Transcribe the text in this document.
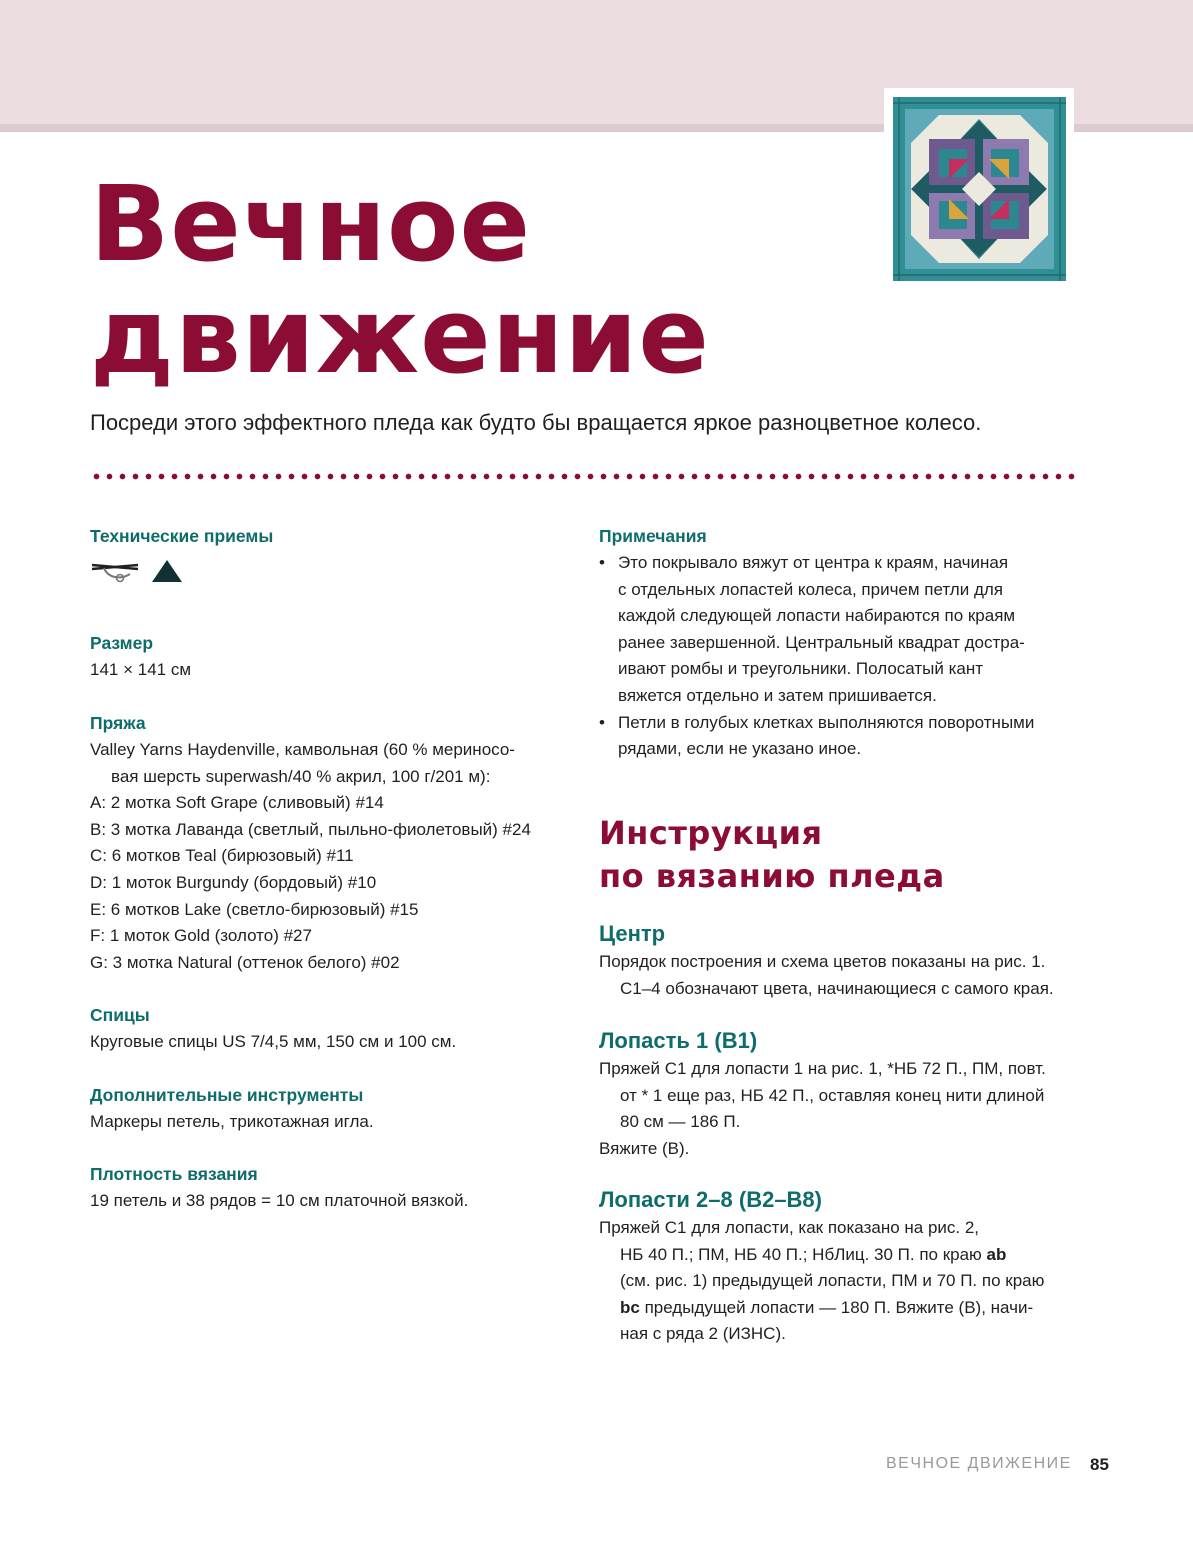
Вечное
движение

Посреди этого эффектного пледа как будто бы вращается яркое разноцветное колесо.

Технические приемы
Размер

141 × 141 см

Пряжа

Valley Yarns Haydenville, камвольная (60 % мериносо-

вая шерсть superwash/40 % акрил, 100 г/201 м):

A: 2 мотка Soft Grape (сливовый) #14

B: 3 мотка Лаванда (светлый, пыльно-фиолетовый) #24

C: 6 мотков Teal (бирюзовый) #11

D: 1 моток Burgundy (бордовый) #10

E: 6 мотков Lake (светло-бирюзовый) #15

F: 1 моток Gold (золото) #27

G: 3 мотка Natural (оттенок белого) #02

Спицы

Круговые спицы US 7/4,5 мм, 150 см и 100 см.

Дополнительные инструменты

Маркеры петель, трикотажная игла.

Плотность вязания

19 петель и 38 рядов = 10 см платочной вязкой.

Примечания

• Это покрывало вяжут от центра к краям, начиная

с отдельных лопастей колеса, причем петли для

каждой следующей лопасти набираются по краям

ранее завершенной. Центральный квадрат достра-

ивают ромбы и треугольники. Полосатый кант

вяжется отдельно и затем пришивается.

• Петли в голубых клетках выполняются поворотными

рядами, если не указано иное.

Инструкция
по вязанию пледа
Центр

Порядок построения и схема цветов показаны на рис. 1.

C1–4 обозначают цвета, начинающиеся с самого края.

Лопасть 1 (В1)

Пряжей C1 для лопасти 1 на рис. 1, *НБ 72 П., ПМ, повт.

от * 1 еще раз, НБ 42 П., оставляя конец нити длиной

80 см — 186 П.

Вяжите (В).

Лопасти 2–8 (В2–В8)

Пряжей C1 для лопасти, как показано на рис. 2,

НБ 40 П.; ПМ, НБ 40 П.; НбЛиц. 30 П. по краю ab

(см. рис. 1) предыдущей лопасти, ПМ и 70 П. по краю

bc предыдущей лопасти — 180 П. Вяжите (В), начи-

ная с ряда 2 (ИЗНС).

ВЕЧНОЕ ДВИЖЕНИЕ 85
